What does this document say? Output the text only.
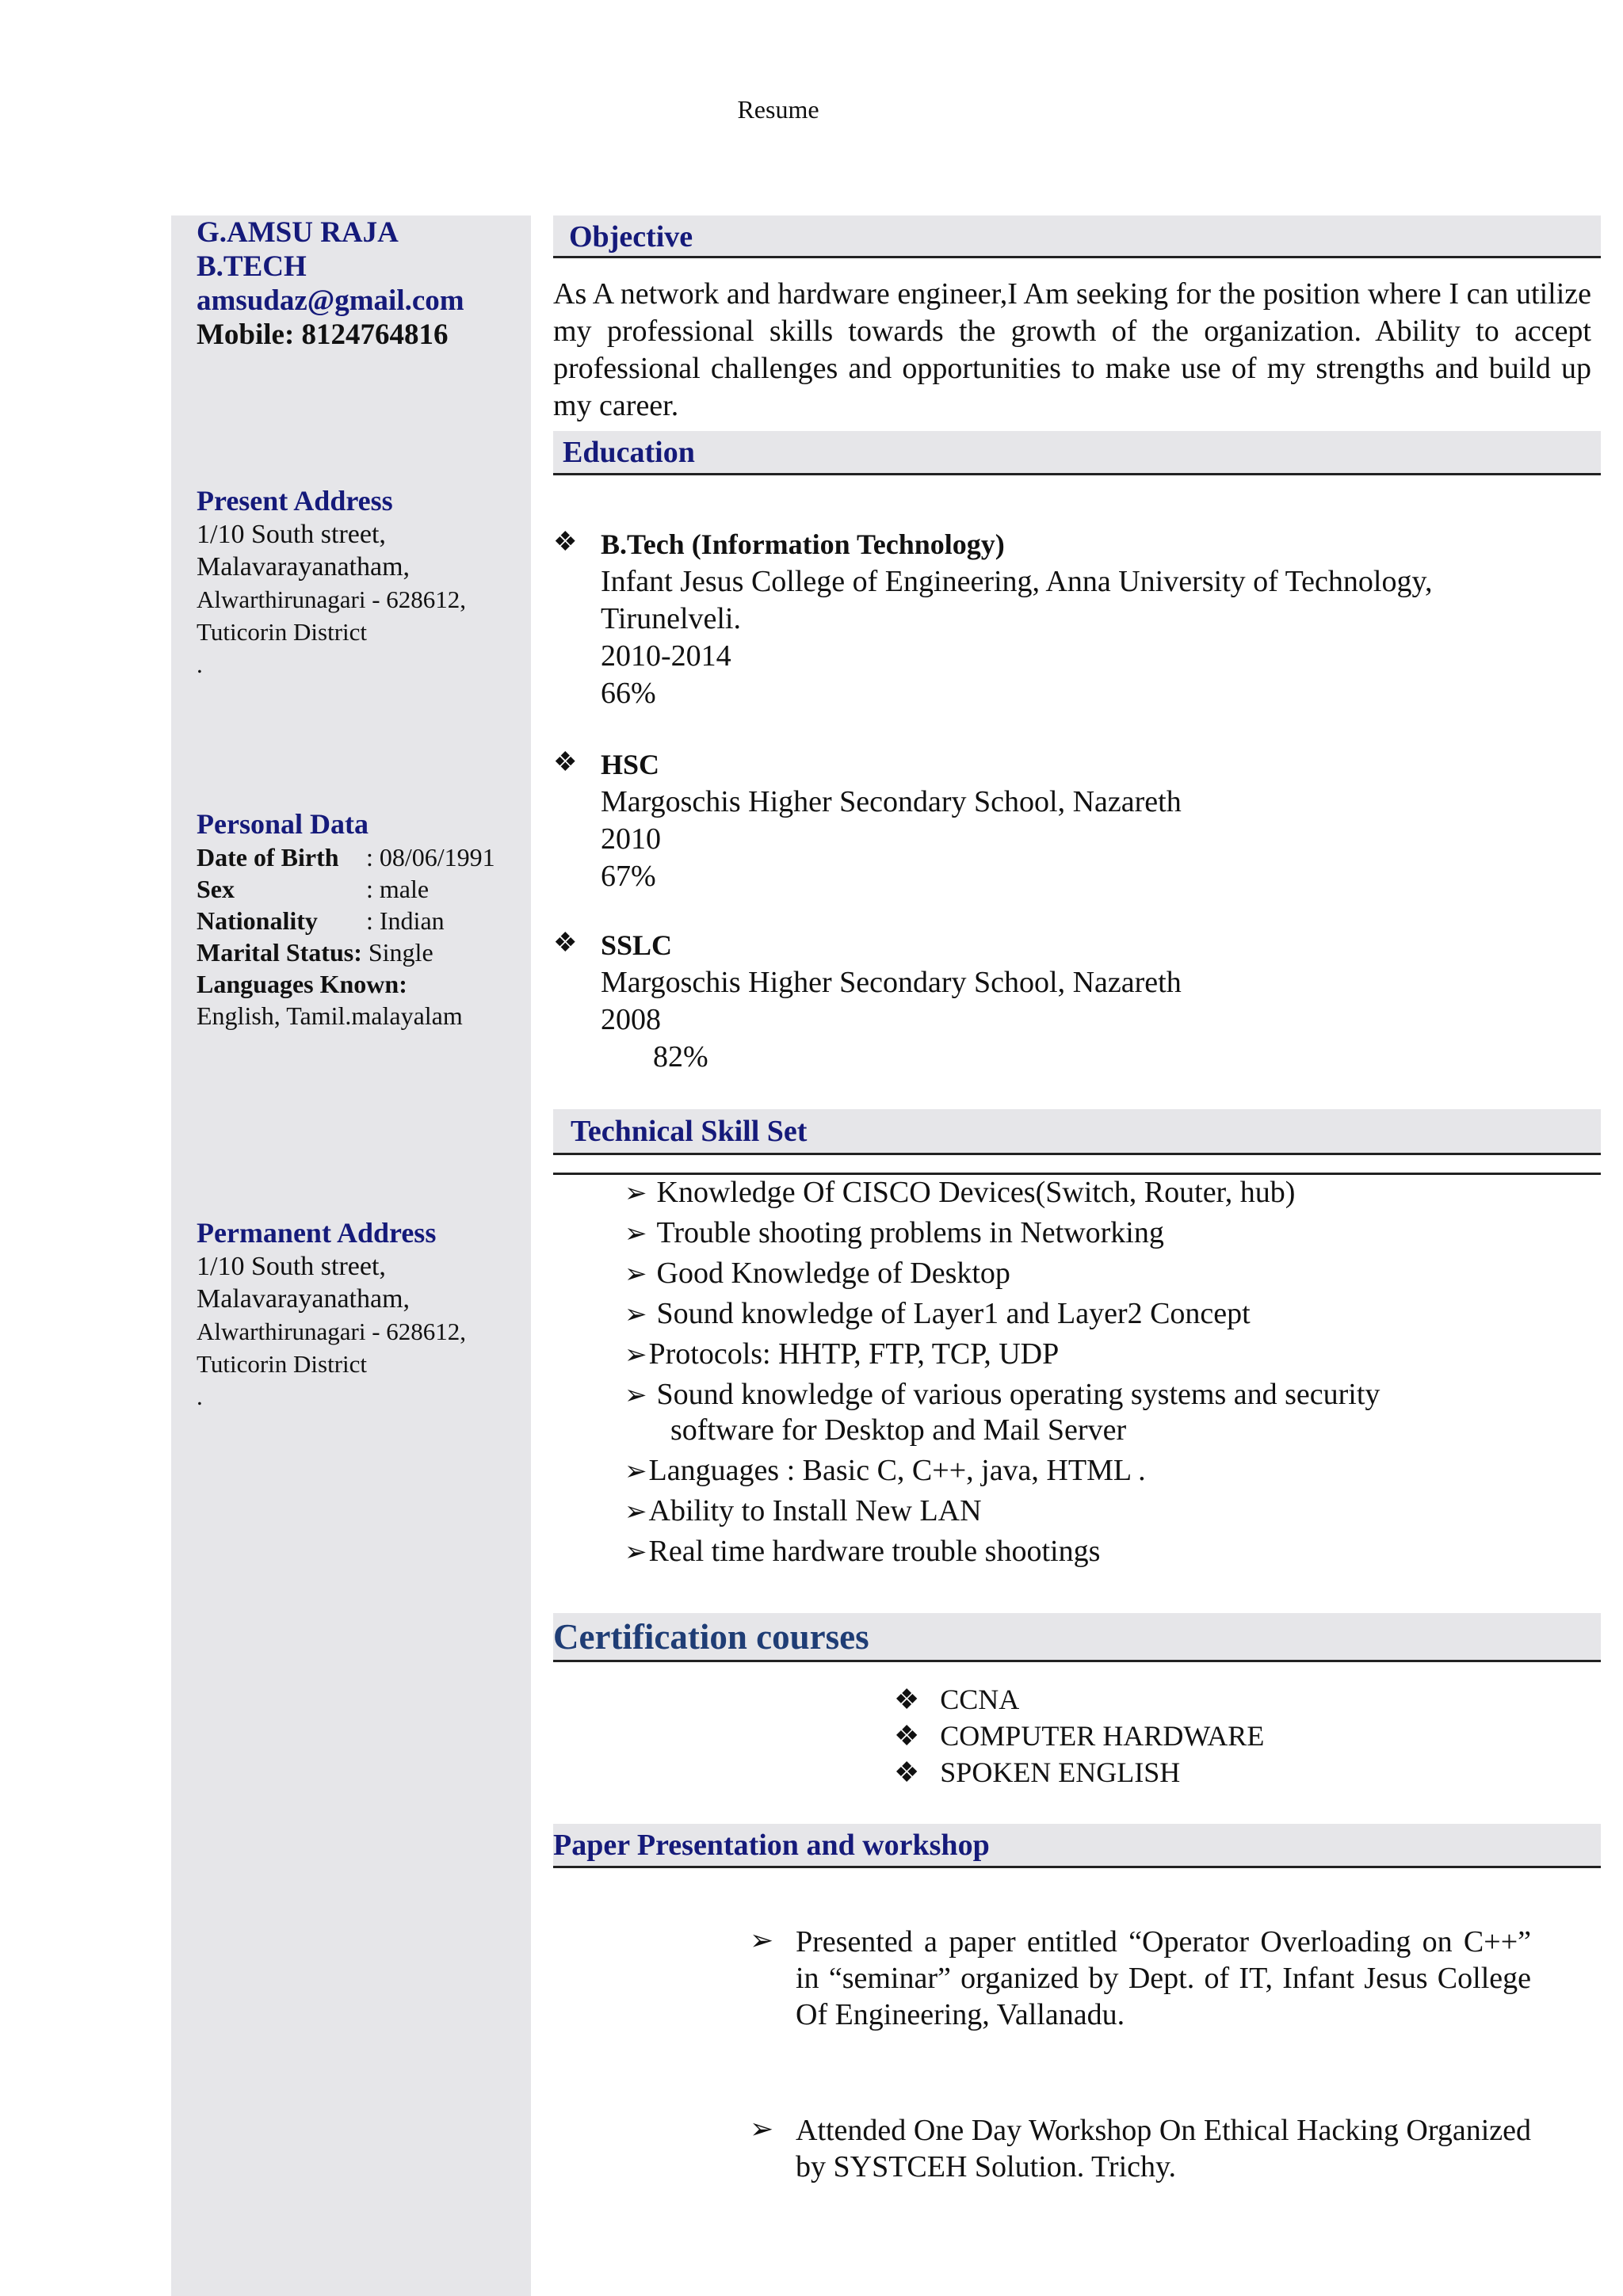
Resume
G.AMSU RAJA
B.TECH
amsudaz@gmail.com
Mobile: 8124764816
Present Address
1/10 South street,
Malavarayanatham,
Alwarthirunagari - 628612,
Tuticorin District
.
Personal Data
Date of Birth : 08/06/1991
Sex	: male
Nationality : Indian
Marital Status: Single
Languages Known:
English, Tamil.malayalam
Permanent Address
1/10 South street,
Malavarayanatham,
Alwarthirunagari - 628612,
Tuticorin District
.
Objective
As A network and hardware engineer,I Am seeking for the position where I can utilize my professional skills towards the growth of the organization. Ability to accept professional challenges and opportunities to make use of my strengths and build up my career.
Education
❖ B.Tech (Information Technology)
Infant Jesus College of Engineering, Anna University of Technology,
Tirunelveli.
2010-2014
66%
❖ HSC
Margoschis Higher Secondary School, Nazareth
2010
67%
❖ SSLC
Margoschis Higher Secondary School, Nazareth
2008
82%
Technical Skill Set
➢ Knowledge Of CISCO Devices(Switch, Router, hub)
➢ Trouble shooting problems in Networking
➢ Good Knowledge of Desktop
➢ Sound knowledge of Layer1 and Layer2 Concept
➢Protocols: HHTP, FTP, TCP, UDP
➢ Sound knowledge of various operating systems and security
software for Desktop and Mail Server
➢Languages : Basic C, C++, java, HTML .
➢Ability to Install New LAN
➢Real time hardware trouble shootings
Certification courses
❖ CCNA
❖ COMPUTER HARDWARE
❖ SPOKEN ENGLISH
Paper Presentation and workshop
➢ Presented a paper entitled “Operator Overloading on C++” in “seminar” organized by Dept. of IT, Infant Jesus College Of Engineering, Vallanadu.
➢ Attended One Day Workshop On Ethical Hacking Organized by SYSTCEH Solution. Trichy.
